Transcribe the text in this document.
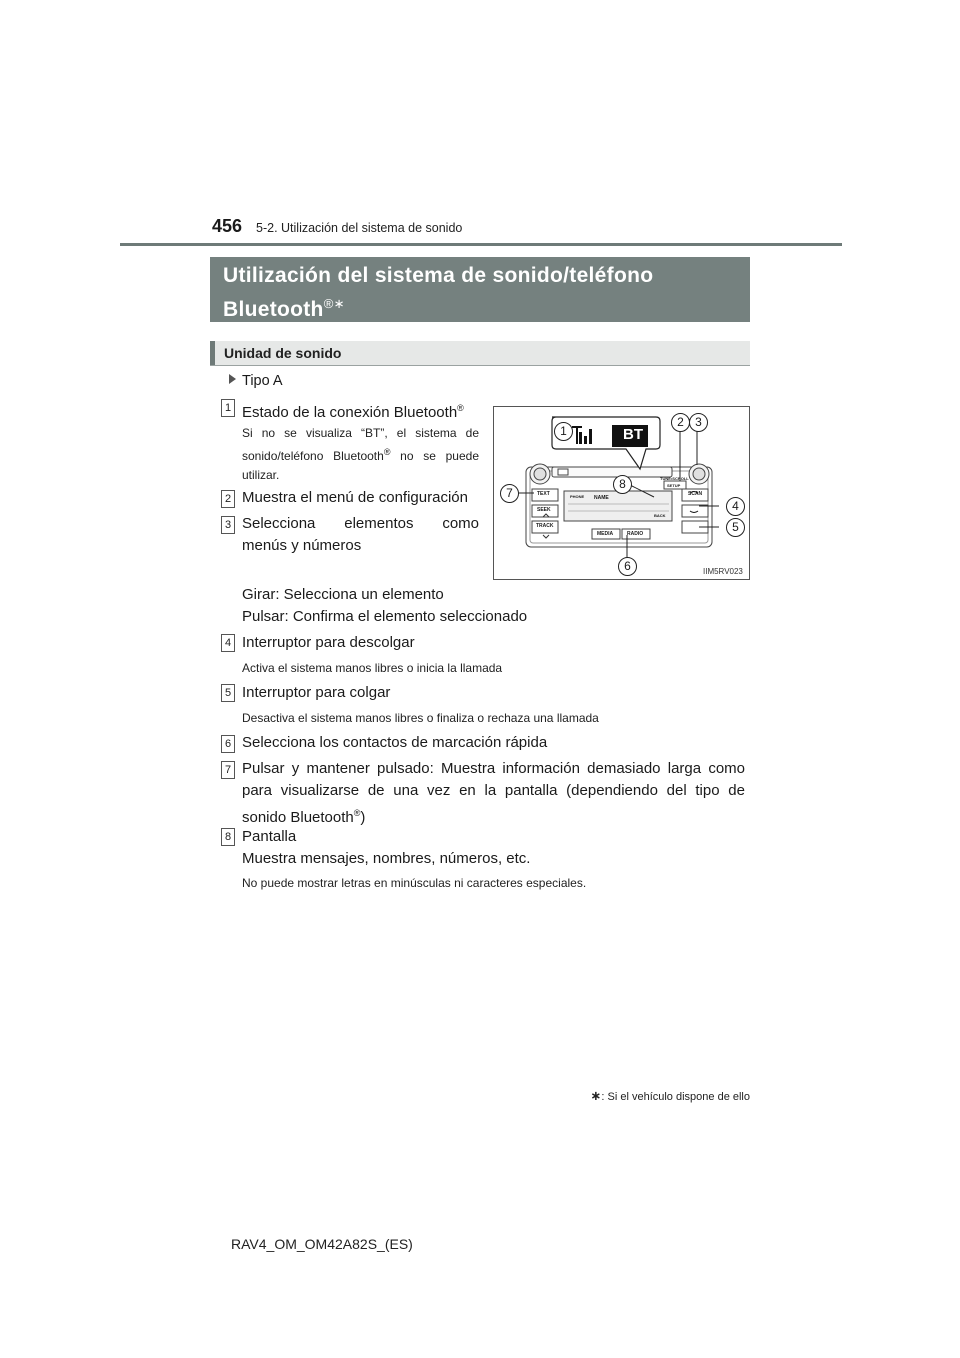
456 5-2. Utilización del sistema de sonido
Utilización del sistema de sonido/teléfono
Bluetooth®∗
Unidad de sonido
Tipo A
1 Estado de la conexión Bluetooth®
Si no se visualiza “BT”, el sistema de sonido/teléfono Bluetooth® no se puede utilizar.
2 Muestra el menú de configuración
3 Selecciona elementos como
menús y números
Girar: Selecciona un elemento
Pulsar: Confirma el elemento seleccionado
4 Interruptor para descolgar
Activa el sistema manos libres o inicia la llamada
5 Interruptor para colgar
Desactiva el sistema manos libres o finaliza o rechaza una llamada
6 Selecciona los contactos de marcación rápida
7 Pulsar y mantener pulsado: Muestra información demasiado larga como
para visualizarse de una vez en la pantalla (dependiendo del tipo de
sonido Bluetooth®)
8 Pantalla
Muestra mensajes, nombres, números, etc.
No puede mostrar letras en minúsculas ni caracteres especiales.
BT
TEXT
SEEK
TRACK
SCAN
MEDIA	RADIO
TUNE•SCROLL
SETUP
PHONE NAME
BACK
1
2 3
4
5
6
7
8
IIM5RV023
∗: Si el vehículo dispone de ello
RAV4_OM_OM42A82S_(ES)
